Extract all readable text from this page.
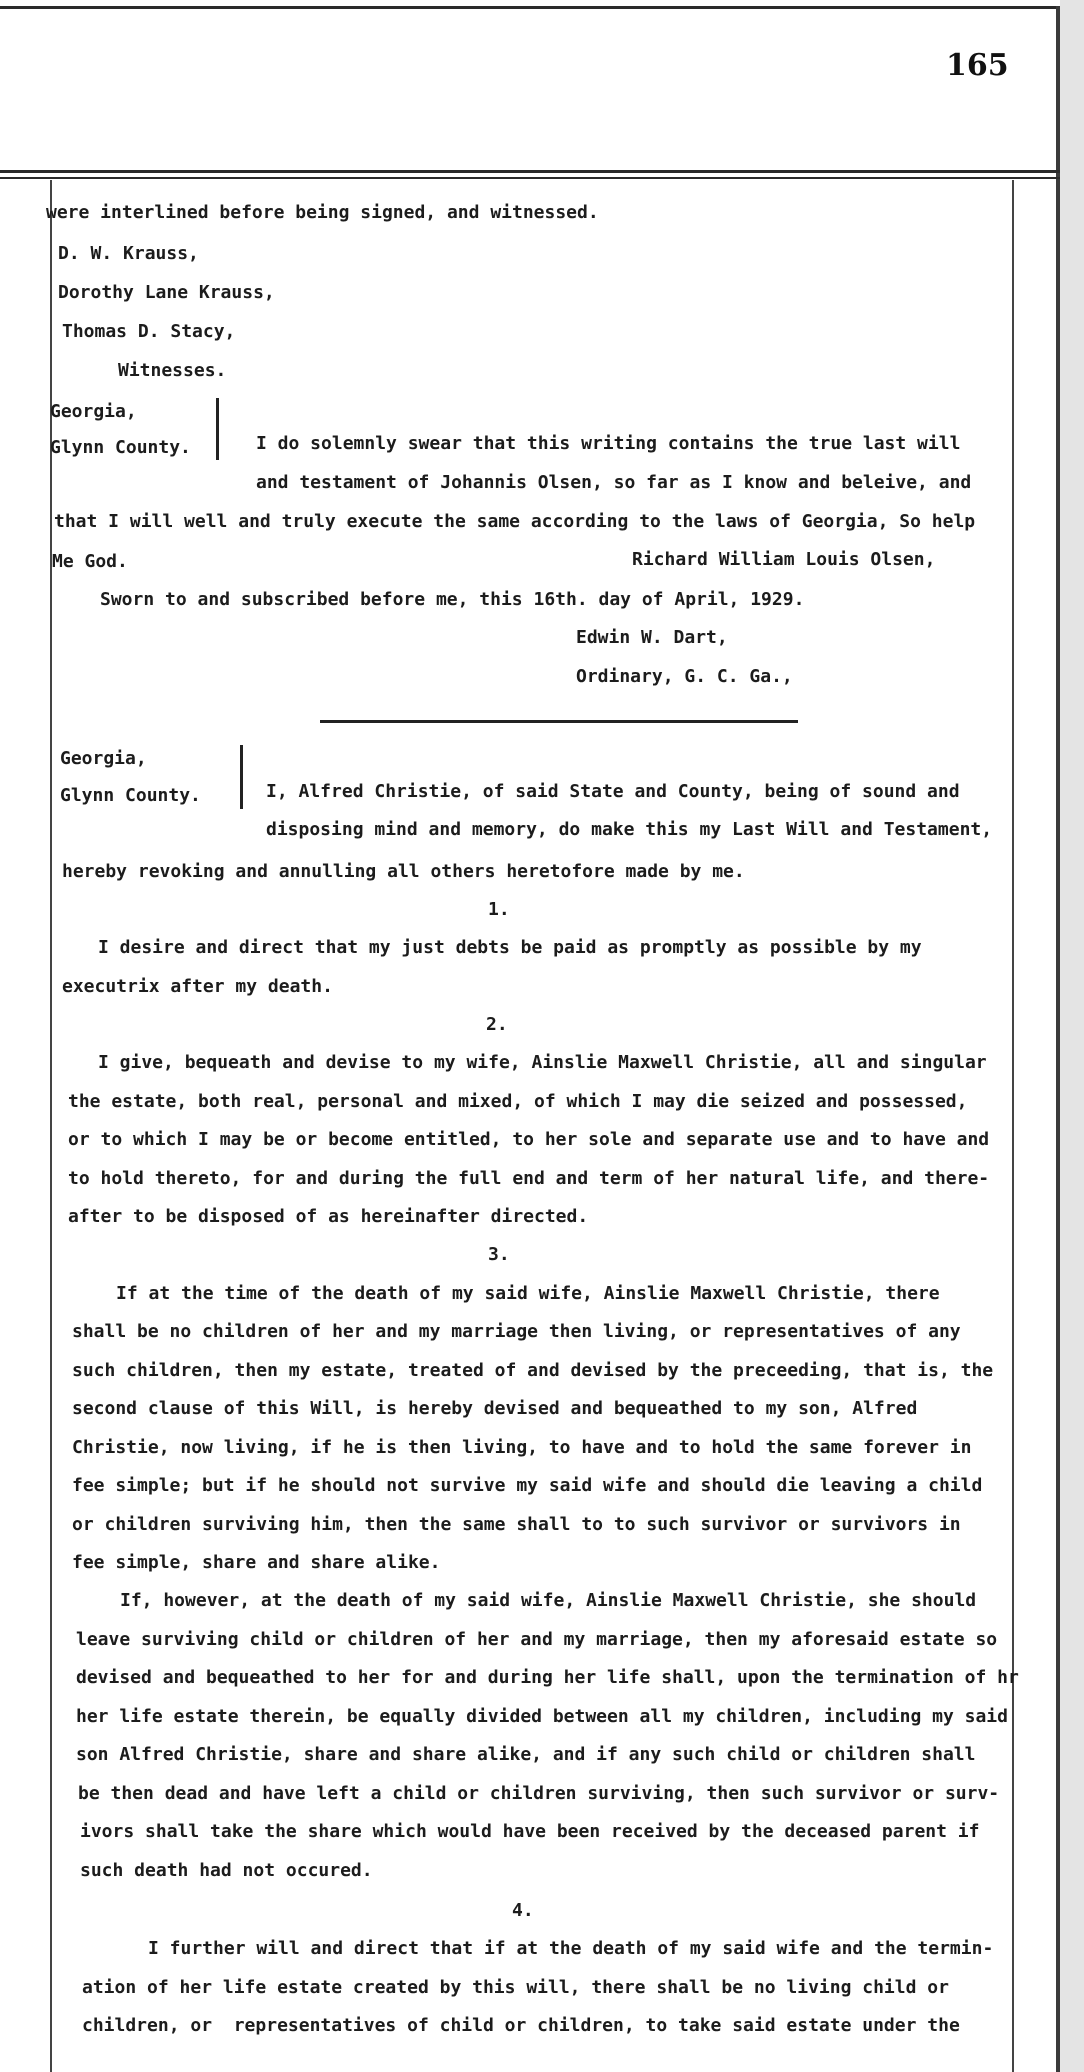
165
were interlined before being signed, and witnessed.
D. W. Krauss,
Dorothy Lane Krauss,
Thomas D. Stacy,
Witnesses.
Georgia,
Glynn County.	I do solemnly swear that this writing contains the true last will
and testament of Johannis Olsen, so far as I know and beleive, and
that I will well and truly execute the same according to the laws of Georgia, So help
Me God.	Richard William Louis Olsen,
Sworn to and subscribed before me, this 16th. day of April, 1929.
Edwin W. Dart,
Ordinary, G. C. Ga.,
Georgia,
Glynn County.	I, Alfred Christie, of said State and County, being of sound and
disposing mind and memory, do make this my Last Will and Testament,
hereby revoking and annulling all others heretofore made by me.
1.
I desire and direct that my just debts be paid as promptly as possible by my
executrix after my death.
2.
I give, bequeath and devise to my wife, Ainslie Maxwell Christie, all and singular
the estate, both real, personal and mixed, of which I may die seized and possessed,
or to which I may be or become entitled, to her sole and separate use and to have and
to hold thereto, for and during the full end and term of her natural life, and there-
after to be disposed of as hereinafter directed.
3.
If at the time of the death of my said wife, Ainslie Maxwell Christie, there
shall be no children of her and my marriage then living, or representatives of any
such children, then my estate, treated of and devised by the preceeding, that is, the
second clause of this Will, is hereby devised and bequeathed to my son, Alfred
Christie, now living, if he is then living, to have and to hold the same forever in
fee simple; but if he should not survive my said wife and should die leaving a child
or children surviving him, then the same shall to to such survivor or survivors in
fee simple, share and share alike.
If, however, at the death of my said wife, Ainslie Maxwell Christie, she should
leave surviving child or children of her and my marriage, then my aforesaid estate so
devised and bequeathed to her for and during her life shall, upon the termination of hr
her life estate therein, be equally divided between all my children, including my said
son Alfred Christie, share and share alike, and if any such child or children shall
be then dead and have left a child or children surviving, then such survivor or surv-
ivors shall take the share which would have been received by the deceased parent if
such death had not occured.
4.
I further will and direct that if at the death of my said wife and the termin-
ation of her life estate created by this will, there shall be no living child or
children, or  representatives of child or children, to take said estate under the
